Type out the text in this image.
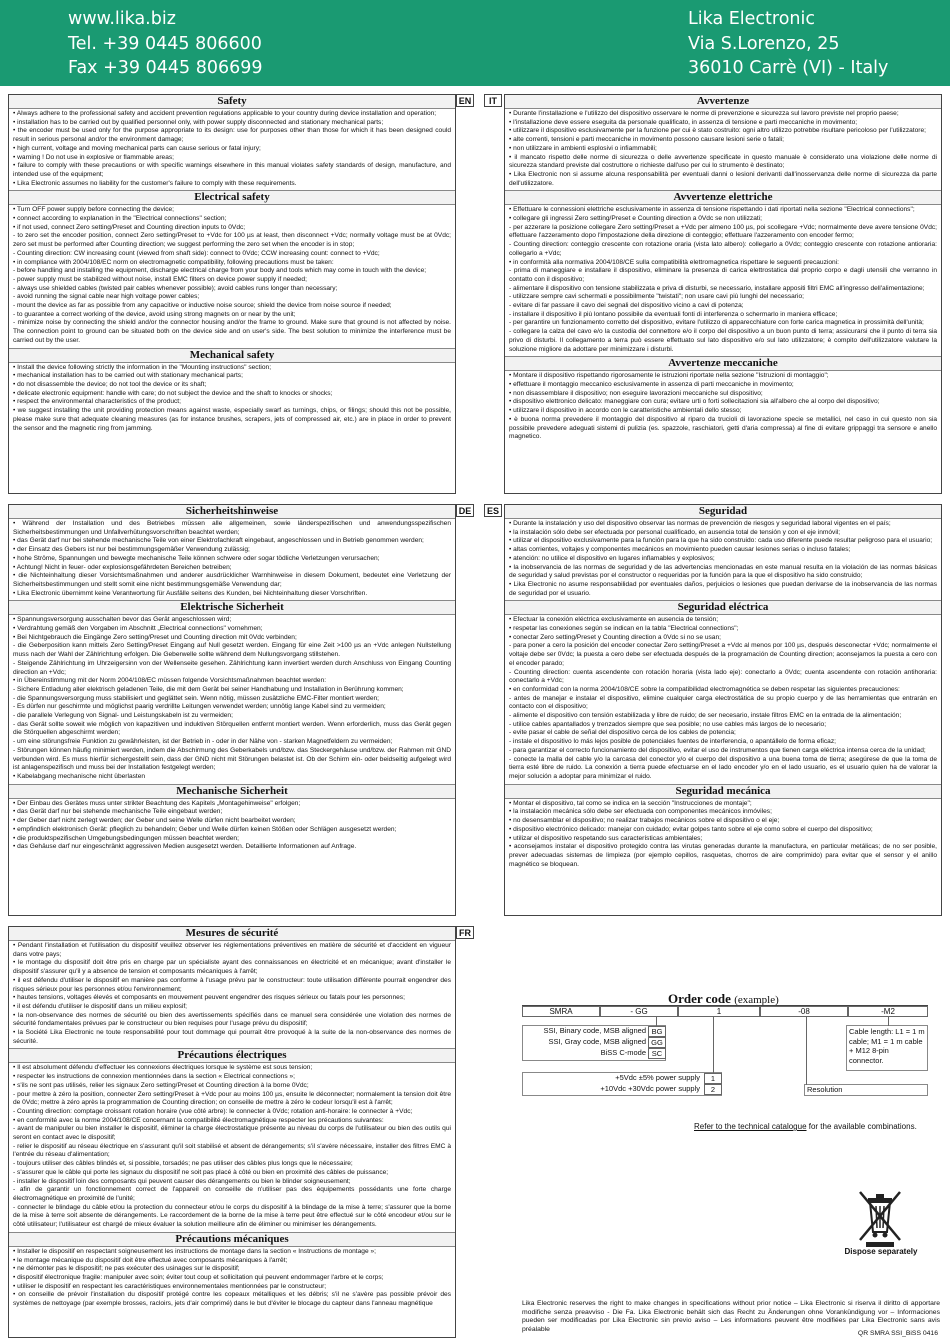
www.lika.biz
Tel. +39 0445 806600
Fax +39 0445 806699
Lika Electronic
Via S.Lorenzo, 25
36010 Carrè (VI) - Italy
Safety

• Always adhere to the professional safety and accident prevention regulations applicable to your country during device installation and operation;

• installation has to be carried out by qualified personnel only, with power supply disconnected and stationary mechanical parts;

• the encoder must be used only for the purpose appropriate to its design: use for purposes other than those for which it has been designed could result in serious personal and/or the environment damage;

• high current, voltage and moving mechanical parts can cause serious or fatal injury;

• warning ! Do not use in explosive or flammable areas;

• failure to comply with these precautions or with specific warnings elsewhere in this manual violates safety standards of design, manufacture, and intended use of the equipment;

• Lika Electronic assumes no liability for the customer's failure to comply with these requirements.

Electrical safety

• Turn OFF power supply before connecting the device;

• connect according to explanation in the "Electrical connections" section;

• if not used, connect Zero setting/Preset and Counting direction inputs to 0Vdc;

- to zero set the encoder position, connect Zero setting/Preset to +Vdc for 100 µs at least, then disconnect +Vdc; normally voltage must be at 0Vdc; zero set must be performed after Counting direction; we suggest performing the zero set when the encoder is in stop;

- Counting direction: CW increasing count (viewed from shaft side): connect to 0Vdc; CCW increasing count: connect to +Vdc;

• in compliance with 2004/108/EC norm on electromagnetic compatibility, following precautions must be taken:

- before handling and installing the equipment, discharge electrical charge from your body and tools which may come in touch with the device;

- power supply must be stabilized without noise, install EMC filters on device power supply if needed;

- always use shielded cables (twisted pair cables whenever possible); avoid cables runs longer than necessary;

- avoid running the signal cable near high voltage power cables;

- mount the device as far as possible from any capacitive or inductive noise source; shield the device from noise source if needed;

- to guarantee a correct working of the device, avoid using strong magnets on or near by the unit;

- minimize noise by connecting the shield and/or the connector housing and/or the frame to ground. Make sure that ground is not affected by noise. The connection point to ground can be situated both on the device side and on user's side. The best solution to minimize the interference must be carried out by the user.

Mechanical safety

• Install the device following strictly the information in the "Mounting instructions" section;

• mechanical installation has to be carried out with stationary mechanical parts;

• do not disassemble the device; do not tool the device or its shaft;

• delicate electronic equipment: handle with care; do not subject the device and the shaft to knocks or shocks;

• respect the environmental characteristics of the product;

• we suggest installing the unit providing protection means against waste, especially swarf as turnings, chips, or filings; should this not be possible, please make sure that adequate cleaning measures (as for instance brushes, scrapers, jets of compressed air, etc.) are in place in order to prevent the sensor and the magnetic ring from jamming.

EN	IT	Avvertenze

• Durante l'installazione e l'utilizzo del dispositivo osservare le norme di prevenzione e sicurezza sul lavoro previste nel proprio paese;

• l'installazione deve essere eseguita da personale qualificato, in assenza di tensione e parti meccaniche in movimento;

• utilizzare il dispositivo esclusivamente per la funzione per cui è stato costruito: ogni altro utilizzo potrebbe risultare pericoloso per l'utilizzatore;

• alte correnti, tensioni e parti meccaniche in movimento possono causare lesioni serie o fatali;

• non utilizzare in ambienti esplosivi o infiammabili;

• il mancato rispetto delle norme di sicurezza o delle avvertenze specificate in questo manuale è considerato una violazione delle norme di sicurezza standard previste dal costruttore o richieste dall'uso per cui lo strumento è destinato;

• Lika Electronic non si assume alcuna responsabilità per eventuali danni o lesioni derivanti dall'inosservanza delle norme di sicurezza da parte dell'utilizzatore.

Avvertenze elettriche

• Effettuare le connessioni elettriche esclusivamente in assenza di tensione rispettando i dati riportati nella sezione "Electrical connections";

• collegare gli ingressi Zero setting/Preset e Counting direction a 0Vdc se non utilizzati;

- per azzerare la posizione collegare Zero setting/Preset a +Vdc per almeno 100 µs, poi scollegare +Vdc; normalmente deve avere tensione 0Vdc; effettuare l'azzeramento dopo l'impostazione della direzione di conteggio; effettuare l'azzeramento con encoder fermo;

- Counting direction: conteggio crescente con rotazione oraria (vista lato albero): collegarlo a 0Vdc; conteggio crescente con rotazione antioraria: collegarlo a +Vdc;

• in conformità alla normativa 2004/108/CE sulla compatibilità elettromagnetica rispettare le seguenti precauzioni:

- prima di maneggiare e installare il dispositivo, eliminare la presenza di carica elettrostatica dal proprio corpo e dagli utensili che verranno in contatto con il dispositivo;

- alimentare il dispositivo con tensione stabilizzata e priva di disturbi, se necessario, installare appositi filtri EMC all'ingresso dell'alimentazione;

- utilizzare sempre cavi schermati e possibilmente "twistati"; non usare cavi più lunghi del necessario;

- evitare di far passare il cavo dei segnali del dispositivo vicino a cavi di potenza;

- installare il dispositivo il più lontano possibile da eventuali fonti di interferenza o schermarlo in maniera efficace;

- per garantire un funzionamento corretto del dispositivo, evitare l'utilizzo di apparecchiature con forte carica magnetica in prossimità dell'unità;

- collegare la calza del cavo e/o la custodia del connettore e/o il corpo del dispositivo a un buon punto di terra; assicurarsi che il punto di terra sia privo di disturbi. Il collegamento a terra può essere effettuato sul lato dispositivo e/o sul lato utilizzatore; è compito dell'utilizzatore valutare la soluzione migliore da adottare per minimizzare i disturbi.

Avvertenze meccaniche

• Montare il dispositivo rispettando rigorosamente le istruzioni riportate nella sezione "Istruzioni di montaggio";

• effettuare il montaggio meccanico esclusivamente in assenza di parti meccaniche in movimento;

• non disassemblare il dispositivo; non eseguire lavorazioni meccaniche sul dispositivo;

• dispositivo elettronico delicato: maneggiare con cura; evitare urti o forti sollecitazioni sia all'albero che al corpo del dispositivo;

• utilizzare il dispositivo in accordo con le caratteristiche ambientali dello stesso;

• è buona norma prevedere il montaggio del dispositivo al riparo da trucioli di lavorazione specie se metallici, nel caso in cui questo non sia possibile prevedere adeguati sistemi di pulizia (es. spazzole, raschiatori, getti d'aria compressa) al fine di evitare grippaggi tra sensore e anello magnetico.

Sicherheitshinweise

• Während der Installation und des Betriebes müssen alle allgemeinen, sowie länderspezifischen und anwendungsspezifischen Sicherheitsbestimmungen und Unfallverhütungsvorschriften beachtet werden;

• das Gerät darf nur bei stehende mechanische Teile von einer Elektrofachkraft eingebaut, angeschlossen und in Betrieb genommen werden;

• der Einsatz des Gebers ist nur bei bestimmungsgemäßer Verwendung zulässig;

• hohe Ströme, Spannungen und bewegte mechanische Teile können schwere oder sogar tödliche Verletzungen verursachen;

• Achtung! Nicht in feuer- oder explosionsgefährdeten Bereichen betreiben;

• die Nichteinhaltung dieser Vorsichtsmaßnahmen und anderer ausdrücklicher Warnhinweise in diesem Dokument, bedeutet eine Verletzung der Sicherheitsbestimmungen und stellt somit eine nicht bestimmungsgemäße Verwendung dar;

• Lika Electronic übernimmt keine Verantwortung für Ausfälle seitens des Kunden, bei Nichteinhaltung dieser Vorschriften.

Elektrische Sicherheit

• Spannungsversorgung ausschalten bevor das Gerät angeschlossen wird;

• Verdrahtung gemäß den Vorgaben im Abschnitt „Electrical connections" vornehmen;

• Bei Nichtgebrauch die Eingänge Zero setting/Preset und Counting direction mit 0Vdc verbinden;

- die Geberposition kann mittels Zero Setting/Preset Eingang auf Null gesetzt werden. Eingang für eine Zeit >100 µs an +Vdc anlegen Nullstellung muss nach der Wahl der Zählrichtung erfolgen. Die Geberwelle sollte während dem Nullungsvorgang stillstehen.

- Steigende Zählrichtung im Uhrzeigersinn von der Wellenseite gesehen. Zählrichtung kann invertiert werden durch Anschluss von Eingang Counting direction an +Vdc;

• in Übereinstimmung mit der Norm 2004/108/EC müssen folgende Vorsichtsmaßnahmen beachtet werden:

- Sichere Entladung aller elektrisch geladenen Teile, die mit dem Gerät bei seiner Handhabung und Installation in Berührung kommen;

- die Spannungsversorgung muss stabilisiert und geglättet sein. Wenn nötig, müssen zusätzliche EMC-Filter montiert werden;

- Es dürfen nur geschirmte und möglichst paarig verdrillte Leitungen verwendet werden; unnötig lange Kabel sind zu vermeiden;

- die parallele Verlegung von Signal- und Leistungskabeln ist zu vermeiden;

- das Gerät sollte soweit wie möglich von kapazitiven und induktiven Störquellen entfernt montiert werden. Wenn erforderlich, muss das Gerät gegen die Störquellen abgeschirmt werden;

- um eine störungsfreie Funktion zu gewährleisten, ist der Betrieb in - oder in der Nähe von - starken Magnetfeldern zu vermeiden;

- Störungen können häufig minimiert werden, indem die Abschirmung des Geberkabels und/bzw. das Steckergehäuse und/bzw. der Rahmen mit GND verbunden wird. Es muss hierfür sichergestellt sein, dass der GND nicht mit Störungen belastet ist. Ob der Schirm ein- oder beidseitig aufgelegt wird ist anlagenspezifisch und muss bei der Installation festgelegt werden;

• Kabelabgang mechanische nicht überlasten

Mechanische Sicherheit

• Der Einbau des Gerätes muss unter strikter Beachtung des Kapitels „Montagehinweise" erfolgen;

• das Gerät darf nur bei stehende mechanische Teile eingebaut werden;

• der Geber darf nicht zerlegt werden; der Geber und seine Welle dürfen nicht bearbeitet werden;

• empfindlich elektronisch Gerät: pfleglich zu behandeln; Geber und Welle dürfen keinen Stößen oder Schlägen ausgesetzt werden;

• die produktspezifischen Umgebungsbedingungen müssen beachtet werden;

• das Gehäuse darf nur eingeschränkt aggressiven Medien ausgesetzt werden. Detaillierte Informationen auf Anfrage.

DE	ES	Seguridad

• Durante la instalación y uso del dispositivo observar las normas de prevención de riesgos y seguridad laboral vigentes en el país;

• la instalación sólo debe ser efectuada por personal cualificado, en ausencia total de tensión y con el eje inmóvil;

• utilizar el dispositivo exclusivamente para la función para la que ha sido construido: cada uso diferente puede resultar peligroso para el usuario;

• altas corrientes, voltajes y componentes mecánicos en movimiento pueden causar lesiones serias o incluso fatales;

• atención: no utilice el dispositivo en lugares inflamables y explosivos;

• la inobservancia de las normas de seguridad y de las advertencias mencionadas en este manual resulta en la violación de las normas básicas de seguridad y salud previstas por el constructor o requeridas por la función para la que el dispositivo ha sido construido;

• Lika Electronic no asume responsabilidad por eventuales daños, perjuicios o lesiones que puedan derivarse de la inobservancia de las normas de seguridad por el usuario.

Seguridad eléctrica

• Efectuar la conexión eléctrica exclusivamente en ausencia de tensión;

• respetar las conexiones según se indican en la tabla "Electrical connections";

• conectar Zero setting/Preset y Counting direction a 0Vdc si no se usan;

- para poner a cero la posición del encoder conectar Zero setting/Preset a +Vdc al menos por 100 µs, después desconectar +Vdc; normalmente el voltaje debe ser 0Vdc; la puesta a cero debe ser efectuada después de la programación de Counting direction; aconsejamos la puesta a cero con el encoder parado;

- Counting direction: cuenta ascendente con rotación horaria (vista lado eje): conectarlo a 0Vdc; cuenta ascendente con rotación antihoraria: conectarlo a +Vdc;

• en conformidad con la norma 2004/108/CE sobre la compatibilidad electromagnética se deben respetar las siguientes precauciones:

- antes de manejar e instalar el dispositivo, elimine cualquier carga electrostática de su propio cuerpo y de las herramientas que entrarán en contacto con el dispositivo;

- alimente el dispositivo con tensión estabilizada y libre de ruido; de ser necesario, instale filtros EMC en la entrada de la alimentación;

- utilice cables apantallados y trenzados siempre que sea posible; no use cables más largos de lo necesario;

- evite pasar el cable de señal del dispositivo cerca de los cables de potencia;

- instale el dispositivo lo más lejos posible de potenciales fuentes de interferencia, o apantállelo de forma eficaz;

- para garantizar el correcto funcionamiento del dispositivo, evitar el uso de instrumentos que tienen carga eléctrica intensa cerca de la unidad;

- conecte la malla del cable y/o la carcasa del conector y/o el cuerpo del dispositivo a una buena toma de tierra; asegúrese de que la toma de tierra esté libre de ruido. La conexión a tierra puede efectuarse en el lado encoder y/o en el lado usuario, es el usuario quien ha de valorar la mejor solución a adoptar para minimizar el ruido.

Seguridad mecánica

• Montar el dispositivo, tal como se indica en la sección "Instrucciones de montaje";

• la instalación mecánica sólo debe ser efectuada con componentes mecánicos inmóviles;

• no desensamblar el dispositivo; no realizar trabajos mecánicos sobre el dispositivo o el eje;

• dispositivo electrónico delicado: manejar con cuidado; evitar golpes tanto sobre el eje como sobre el cuerpo del dispositivo;

• utilizar el dispositivo respetando sus características ambientales;

• aconsejamos instalar el dispositivo protegido contra las virutas generadas durante la manufactura, en particular metálicas; de no ser posible, prever adecuadas sistemas de limpieza (por ejemplo cepillos, rasquetas, chorros de aire comprimido) para evitar que el sensor y el anillo magnético se bloquean.

Mesures de sécurité

• Pendant l'installation et l'utilisation du dispositif veuillez observer les réglementations préventives en matière de sécurité et d'accident en vigueur dans votre pays;

• le montage du dispositif doit être pris en charge par un spécialiste ayant des connaissances en électricité et en mécanique; avant d'installer le dispositif s'assurer qu'il y a absence de tension et composants mécaniques à l'arrêt;

• il est défendu d'utiliser le dispositif en manière pas conforme à l'usage prévu par le constructeur: toute utilisation différente pourrait engendrer des risques sérieux pour les personnes et/ou l'environnement;

• hautes tensions, voltages élevés et composants en mouvement peuvent engendrer des risques sérieux ou fatals pour les personnes;

• il est défendu d'utiliser le dispositif dans un milieu explosif;

• la non-observance des normes de sécurité ou bien des avertissements spécifiés dans ce manuel sera considérée une violation des normes de sécurité fondamentales prévues par le constructeur ou bien requises pour l'usage prévu du dispositif;

• la Société Lika Electronic ne toute responsabilité pour tout dommage qui pourrait être provoqué à la suite de la non-observance des normes de sécurité.

Précautions électriques

• Il est absolument défendu d'effectuer les connexions électriques lorsque le système est sous tension;

• respecter les instructions de connexion mentionnées dans la section « Electrical connections »;

• s'ils ne sont pas utilisés, relier les signaux Zero setting/Preset et Counting direction à la borne 0Vdc;

- pour mettre à zéro la position, connecter Zero setting/Preset à +Vdc pour au moins 100 µs, ensuite le déconnecter; normalement la tension doit être de 0Vdc; mettre à zéro après la programmation de Counting direction; on conseille de mettre à zéro le codeur lorsqu'il est à l'arrêt;

- Counting direction: comptage croissant rotation horaire (vue côté arbre): le connecter à 0Vdc; rotation anti-horaire: le connecter à +Vdc;

• en conformité avec la norme 2004/108/CE concernant la compatibilité électromagnétique respecter les précautions suivantes:

- avant de manipuler ou bien installer le dispositif, éliminer la charge électrostatique présente au niveau du corps de l'utilisateur ou bien des outils qui seront en contact avec le dispositif;

- relier le dispositif au réseau électrique en s'assurant qu'il soit stabilisé et absent de dérangements; s'il s'avère nécessaire, installer des filtres EMC à l'entrée du réseau d'alimentation;

- toujours utiliser des câbles blindés et, si possible, torsadés; ne pas utiliser des câbles plus longs que le nécessaire;

- s'assurer que le câble qui porte les signaux du dispositif ne soit pas placé à côté ou bien en proximité des câbles de puissance;

- installer le dispositif loin des composants qui peuvent causer des dérangements ou bien le blinder soigneusement;

- afin de garantir un fonctionnement correct de l'appareil on conseille de n'utiliser pas des équipements possédants une forte charge électromagnétique en proximité de l'unité;

- connecter le blindage du câble et/ou la protection du connecteur et/ou le corps du dispositif à la blindage de la mise à terre; s'assurer que la borne de la mise à terre soit absente de dérangements. Le raccordement de la borne de la mise à terre peut être effectué sur le côté encodeur et/ou sur le côté utilisateur; l'utilisateur est chargé de mieux évaluer la solution meilleure afin de éliminer ou minimiser les dérangements.

Précautions mécaniques

• Installer le dispositif en respectant soigneusement les instructions de montage dans la section « Instructions de montage »;

• le montage mécanique du dispositif doit être effectué avec composants mécaniques à l'arrêt;

• ne démonter pas le dispositif; ne pas exécuter des usinages sur le dispositif;

• dispositif électronique fragile: manipuler avec soin; éviter tout coup et sollicitation qui peuvent endommager l'arbre et le corps;

• utiliser le dispositif en respectant les caractéristiques environnementales mentionnées par le constructeur;

• on conseille de prévoir l'installation du dispositif protégé contre les copeaux métalliques et les débris; s'il ne s'avère pas possible prévoir des systèmes de nettoyage (par exemple brosses, racloirs, jets d'air comprimé) dans le but d'éviter le blocage du capteur dans l'anneau magnétique

FR
Order code (example)
SMRA	- GG	1	-08	-M2
SSI, Binary code, MSB aligned
SSI, Gray code, MSB aligned
BiSS C-mode
BG
GG
SC
+5Vdc ±5% power supply
+10Vdc +30Vdc power supply
1
2
Cable length: L1 = 1 m cable; M1 = 1 m cable + M12 8-pin connector.
Resolution
Refer to the technical catalogue for the available combinations.
Dispose separately
Lika Electronic reserves the right to make changes in specifications without prior notice – Lika Electronic si riserva il diritto di apportare modifiche senza preavviso - Die Fa. Lika Electronic behält sich das Recht zu Änderungen ohne Vorankündigung vor – Informaciones pueden ser modificadas por Lika Electronic sin previo aviso – Les informations peuvent être modifiées par Lika Electronic sans avis préalable
QR SMRA SSI_BiSS 0416
